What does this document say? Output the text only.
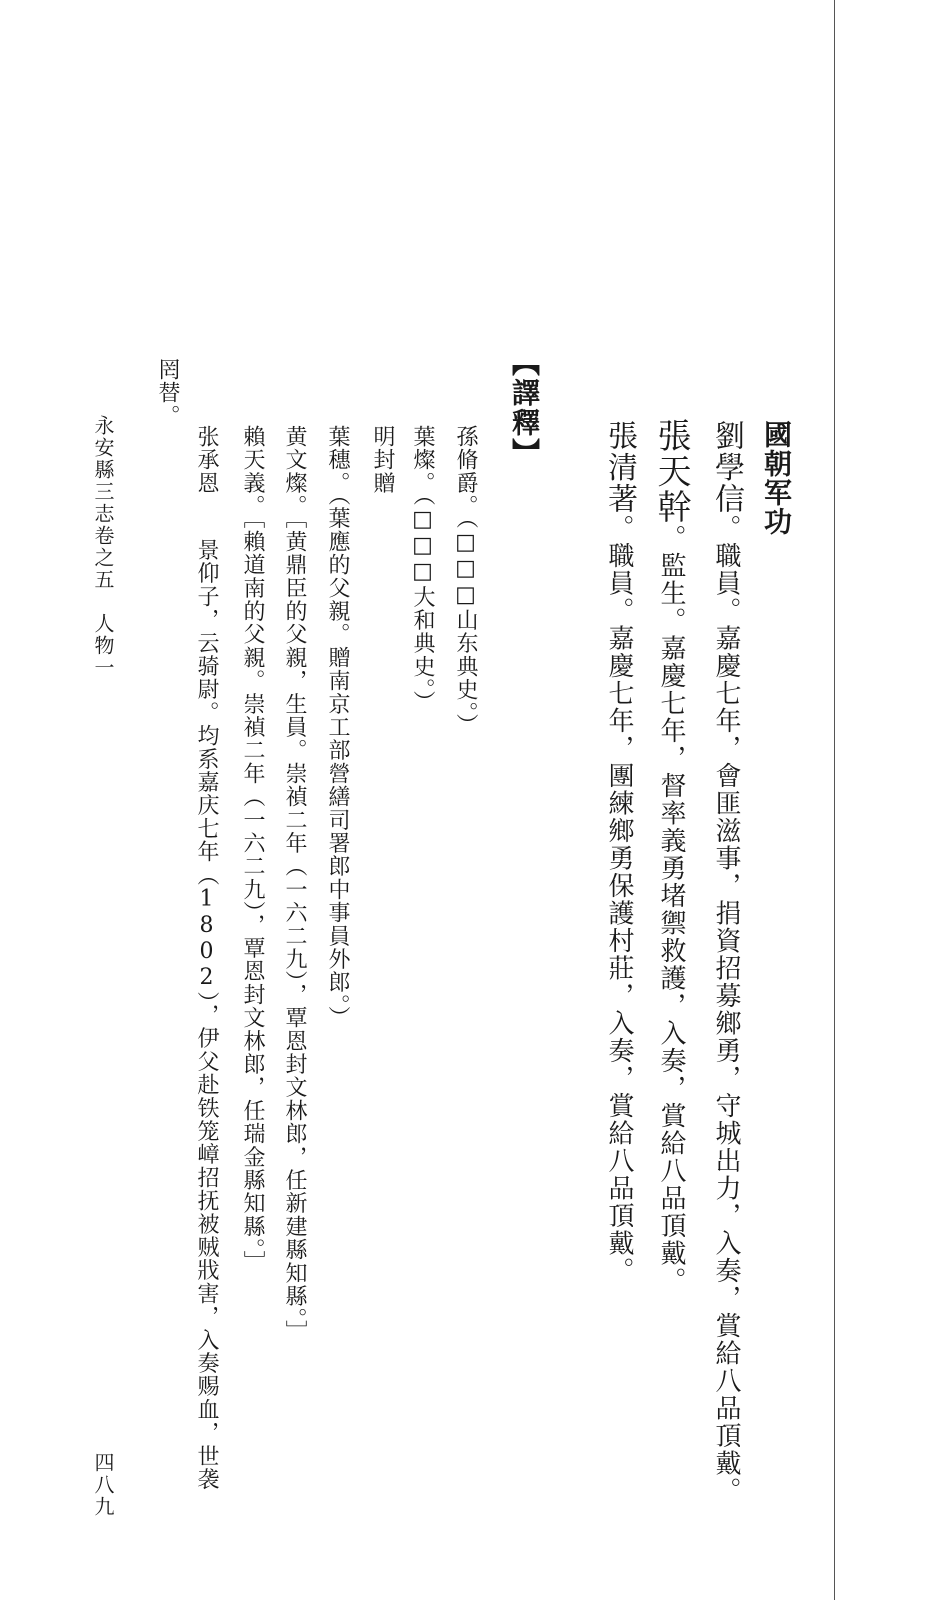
國朝军功
劉學信。職員。嘉慶七年，會匪滋事，捐資招募鄉勇，守城出力，入奏，賞給八品頂戴。
張天幹。監生。嘉慶七年，督率義勇堵禦救護，入奏，賞給八品頂戴。
張清著。職員。嘉慶七年，團練鄉勇保護村莊，入奏，賞給八品頂戴。
【譯釋】
孫脩爵。（□□□山东典史。）
葉燦。（□□□大和典史。）
明封贈
葉穗。（葉應的父親。贈南京工部營繕司署郎中事員外郎。）
黄文燦。［黄鼎臣的父親，生員。崇禎二年（一六二九），覃恩封文林郎，任新建縣知縣。］
賴天義。［賴道南的父親。崇禎二年（一六二九），覃恩封文林郎，任瑞金縣知縣。］
张承恩景仰子，云骑尉。均系嘉庆七年（1802），伊父赴铁笼嶂招抚被贼戕害，入奏赐血，世袭
罔替。
永安縣三志卷之五　人物一
四八九
